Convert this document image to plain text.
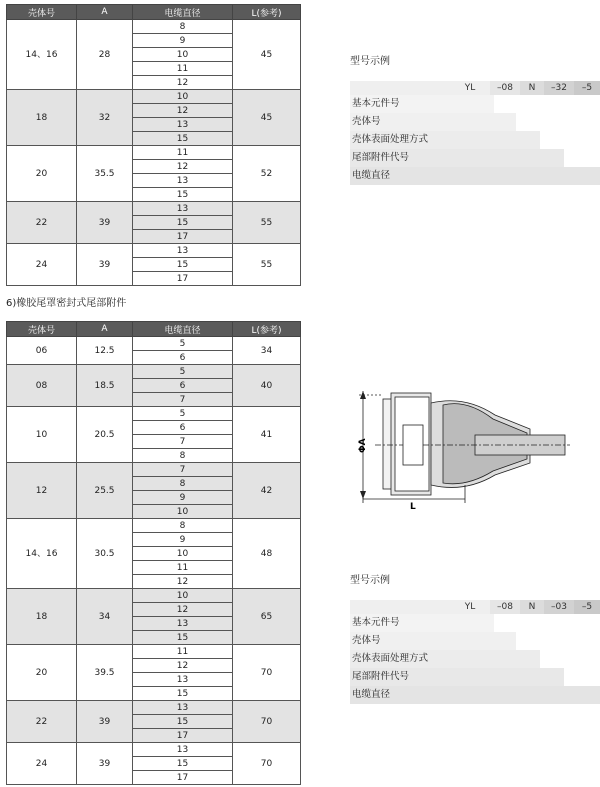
壳体号	A	电缆直径	L(参考)
14、16	28	8	45
		9	
		10	
		11	
		12	
18	32	10	45
		12	
		13	
		15	
20	35.5	11	52
		12	
		13	
		15	
22	39	13	55
		15	
		17	
24	39	13	55
		15	
		17	
6)橡胶尾罩密封式尾部附件
壳体号	A	电缆直径	L(参考)
06	12.5	5	34
		6	
08	18.5	5	40
		6	
		7	
10	20.5	5	41
		6	
		7	
		8	
12	25.5	7	42
		8	
		9	
		10	
14、16	30.5	8	48
		9	
		10	
		11	
		12	
18	34	10	65
		12	
		13	
		15	
20	39.5	11	70
		12	
		13	
		15	
22	39	13	70
		15	
		17	
24	39	13	70
		15	
		17	
型号示例
YL	–08	N	–32	–5
基本元件号
壳体号
壳体表面处理方式
尾部附件代号
电缆直径
ΦA
L
型号示例
YL	–08	N	–03	–5
基本元件号
壳体号
壳体表面处理方式
尾部附件代号
电缆直径
